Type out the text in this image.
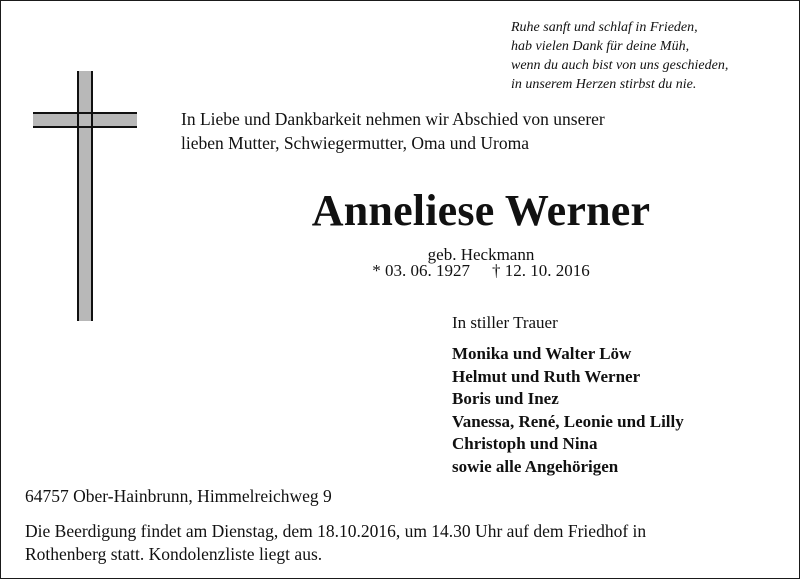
Ruhe sanft und schlaf in Frieden,
hab vielen Dank für deine Müh,
wenn du auch bist von uns geschieden,
in unserem Herzen stirbst du nie.
In Liebe und Dankbarkeit nehmen wir Abschied von unserer
lieben Mutter, Schwiegermutter, Oma und Uroma
Anneliese Werner
geb. Heckmann
* 03. 06. 1927 † 12. 10. 2016
In stiller Trauer
Monika und Walter Löw
Helmut und Ruth Werner
Boris und Inez
Vanessa, René, Leonie und Lilly
Christoph und Nina
sowie alle Angehörigen
64757 Ober-Hainbrunn, Himmelreichweg 9
Die Beerdigung findet am Dienstag, dem 18.10.2016, um 14.30 Uhr auf dem Friedhof in
Rothenberg statt. Kondolenzliste liegt aus.
